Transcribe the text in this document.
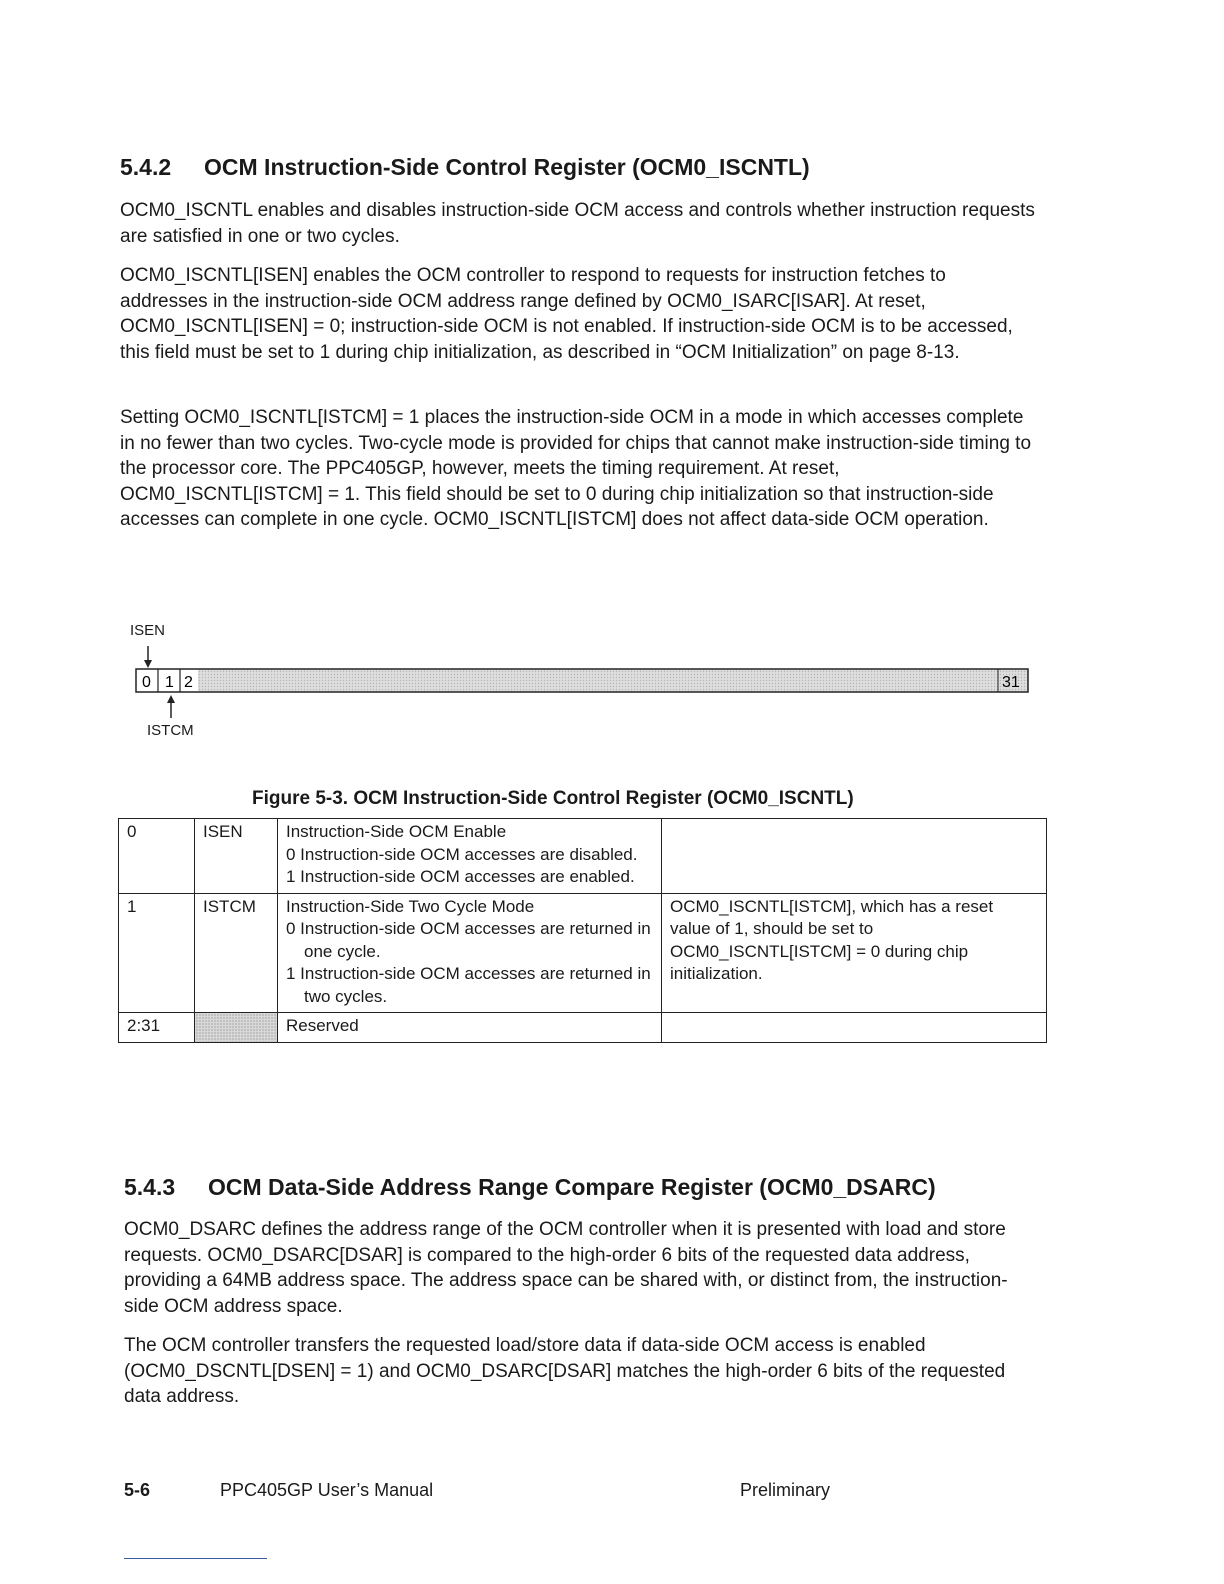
5.4.2 OCM Instruction-Side Control Register (OCM0_ISCNTL)

OCM0_ISCNTL enables and disables instruction-side OCM access and controls whether instruction requests are satisfied in one or two cycles.

OCM0_ISCNTL[ISEN] enables the OCM controller to respond to requests for instruction fetches to addresses in the instruction-side OCM address range defined by OCM0_ISARC[ISAR]. At reset, OCM0_ISCNTL[ISEN] = 0; instruction-side OCM is not enabled. If instruction-side OCM is to be accessed, this field must be set to 1 during chip initialization, as described in “OCM Initialization” on page 8-13.

Setting OCM0_ISCNTL[ISTCM] = 1 places the instruction-side OCM in a mode in which accesses complete in no fewer than two cycles. Two-cycle mode is provided for chips that cannot make instruction-side timing to the processor core. The PPC405GP, however, meets the timing requirement. At reset, OCM0_ISCNTL[ISTCM] = 1. This field should be set to 0 during chip initialization so that instruction-side accesses can complete in one cycle. OCM0_ISCNTL[ISTCM] does not affect data-side OCM operation.

ISEN
0 1 2	31
ISTCM
Figure 5-3. OCM Instruction-Side Control Register (OCM0_ISCNTL)
0	ISEN	Instruction-Side OCM Enable
0 Instruction-side OCM accesses are disabled.
1 Instruction-side OCM accesses are enabled.	

1	ISTCM	Instruction-Side Two Cycle Mode
0 Instruction-side OCM accesses are returned in one cycle.
1 Instruction-side OCM accesses are returned in two cycles.	OCM0_ISCNTL[ISTCM], which has a reset value of 1, should be set to OCM0_ISCNTL[ISTCM] = 0 during chip initialization.
2:31		Reserved	
5.4.3 OCM Data-Side Address Range Compare Register (OCM0_DSARC)

OCM0_DSARC defines the address range of the OCM controller when it is presented with load and store requests. OCM0_DSARC[DSAR] is compared to the high-order 6 bits of the requested data address, providing a 64MB address space. The address space can be shared with, or distinct from, the instruction-side OCM address space.

The OCM controller transfers the requested load/store data if data-side OCM access is enabled (OCM0_DSCNTL[DSEN] = 1) and OCM0_DSARC[DSAR] matches the high-order 6 bits of the requested data address.

5-6	PPC405GP User’s Manual	Preliminary
